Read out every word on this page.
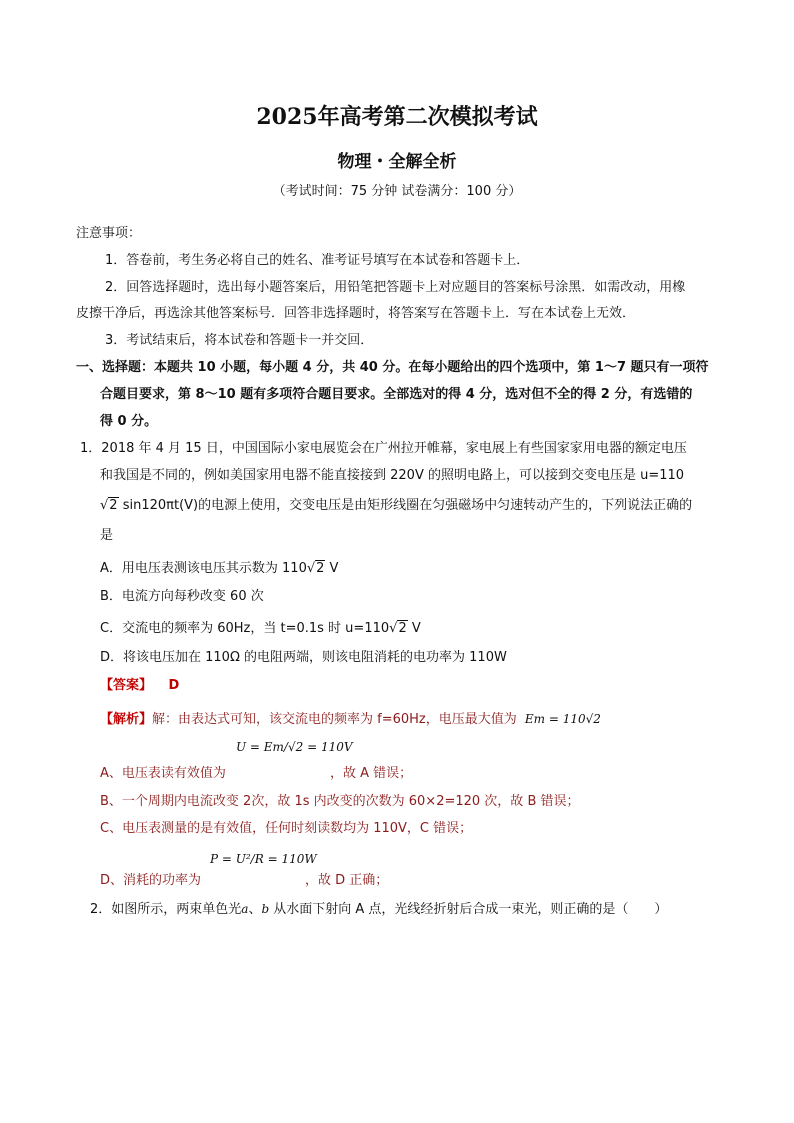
2025年高考第二次模拟考试
物理・全解全析
（考试时间：75 分钟 试卷满分：100 分）
注意事项：
1．答卷前，考生务必将自己的姓名、准考证号填写在本试卷和答题卡上．
2．回答选择题时，选出每小题答案后，用铅笔把答题卡上对应题目的答案标号涂黑．如需改动，用橡
皮擦干净后，再选涂其他答案标号．回答非选择题时，将答案写在答题卡上．写在本试卷上无效．
3．考试结束后，将本试卷和答题卡一并交回．
一、选择题：本题共 10 小题，每小题 4 分，共 40 分。在每小题给出的四个选项中，第 1～7 题只有一项符
合题目要求，第 8～10 题有多项符合题目要求。全部选对的得 4 分，选对但不全的得 2 分，有选错的
得 0 分。
1．2018 年 4 月 15 日，中国国际小家电展览会在广州拉开帷幕，家电展上有些国家家用电器的额定电压
和我国是不同的，例如美国家用电器不能直接接到 220V 的照明电路上，可以接到交变电压是 u=110
√2 sin120πt(V)的电源上使用，交变电压是由矩形线圈在匀强磁场中匀速转动产生的，下列说法正确的
是
A．用电压表测该电压其示数为 110√2 V
B．电流方向每秒改变 60 次
C．交流电的频率为 60Hz，当 t=0.1s 时 u=110√2 V
D．将该电压加在 110Ω 的电阻两端，则该电阻消耗的电功率为 110W
【答案】 D
【解析】解：由表达式可知，该交流电的频率为 f=60Hz，电压最大值为 Em = 110√2
A、电压表读有效值为
U = Em/√2 = 110V
，故 A 错误；
B、一个周期内电流改变 2次，故 1s 内改变的次数为 60×2=120 次，故 B 错误；
C、电压表测量的是有效值，任何时刻读数均为 110V，C 错误；
D、消耗的功率为
P = U²/R = 110W
，故 D 正确；
2．如图所示，两束单色光a、b 从水面下射向 A 点，光线经折射后合成一束光，则正确的是（　　）
